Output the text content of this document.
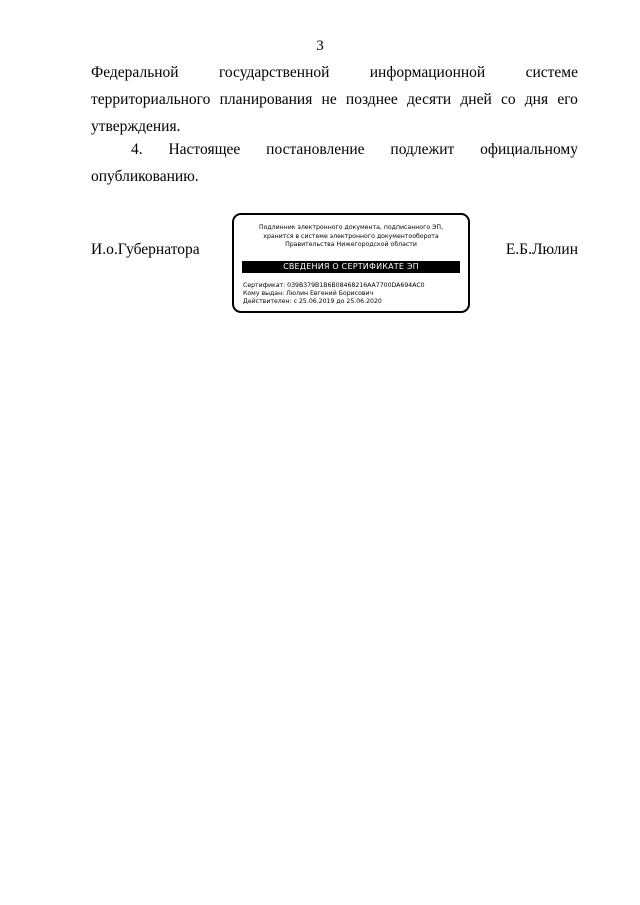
3
Федеральной	государственной	информационной	системе
территориального планирования не позднее десяти дней со дня его
утверждения.
4. Настоящее постановление подлежит официальному
опубликованию.
И.о.Губернатора
Подлинник электронного документа, подписанного ЭП,
хранится в системе электронного документооборота
Правительства Нижегородской области
СВЕДЕНИЯ О СЕРТИФИКАТЕ ЭП
Сертификат: 039B379B1B6B08468216AA7700DA694AC0
Кому выдан: Люлин Евгений Борисович
Действителен: с 25.06.2019 до 25.06.2020
Е.Б.Люлин
